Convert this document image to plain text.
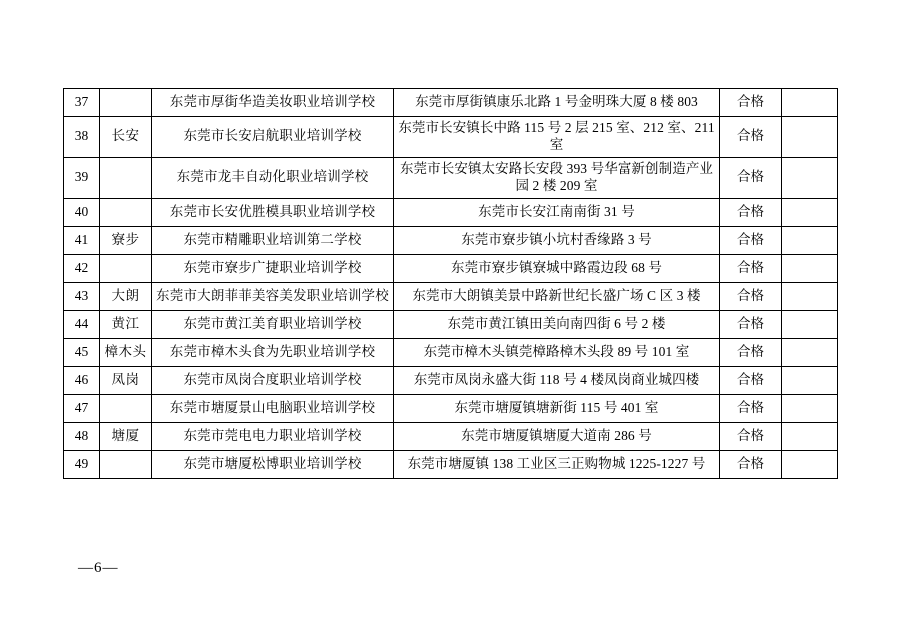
37		东莞市厚街华造美妆职业培训学校	东莞市厚街镇康乐北路 1 号金明珠大厦 8 楼 803	合格	
38	长安	东莞市长安启航职业培训学校	东莞市长安镇长中路 115 号 2 层 215 室、212 室、211 室	合格	
39		东莞市龙丰自动化职业培训学校	东莞市长安镇太安路长安段 393 号华富新创制造产业园 2 楼 209 室	合格	
40		东莞市长安优胜模具职业培训学校	东莞市长安江南南街 31 号	合格	
41	寮步	东莞市精雕职业培训第二学校	东莞市寮步镇小坑村香缘路 3 号	合格	
42		东莞市寮步广捷职业培训学校	东莞市寮步镇寮城中路霞边段 68 号	合格	
43	大朗	东莞市大朗菲菲美容美发职业培训学校	东莞市大朗镇美景中路新世纪长盛广场 C 区 3 楼	合格	
44	黄江	东莞市黄江美育职业培训学校	东莞市黄江镇田美向南四街 6 号 2 楼	合格	
45	樟木头	东莞市樟木头食为先职业培训学校	东莞市樟木头镇莞樟路樟木头段 89 号 101 室	合格	
46	凤岗	东莞市凤岗合度职业培训学校	东莞市凤岗永盛大街 118 号 4 楼凤岗商业城四楼	合格	
47		东莞市塘厦景山电脑职业培训学校	东莞市塘厦镇塘新街 115 号 401 室	合格	
48	塘厦	东莞市莞电电力职业培训学校	东莞市塘厦镇塘厦大道南 286 号	合格	
49		东莞市塘厦松博职业培训学校	东莞市塘厦镇 138 工业区三正购物城 1225-1227 号	合格	
—6—
